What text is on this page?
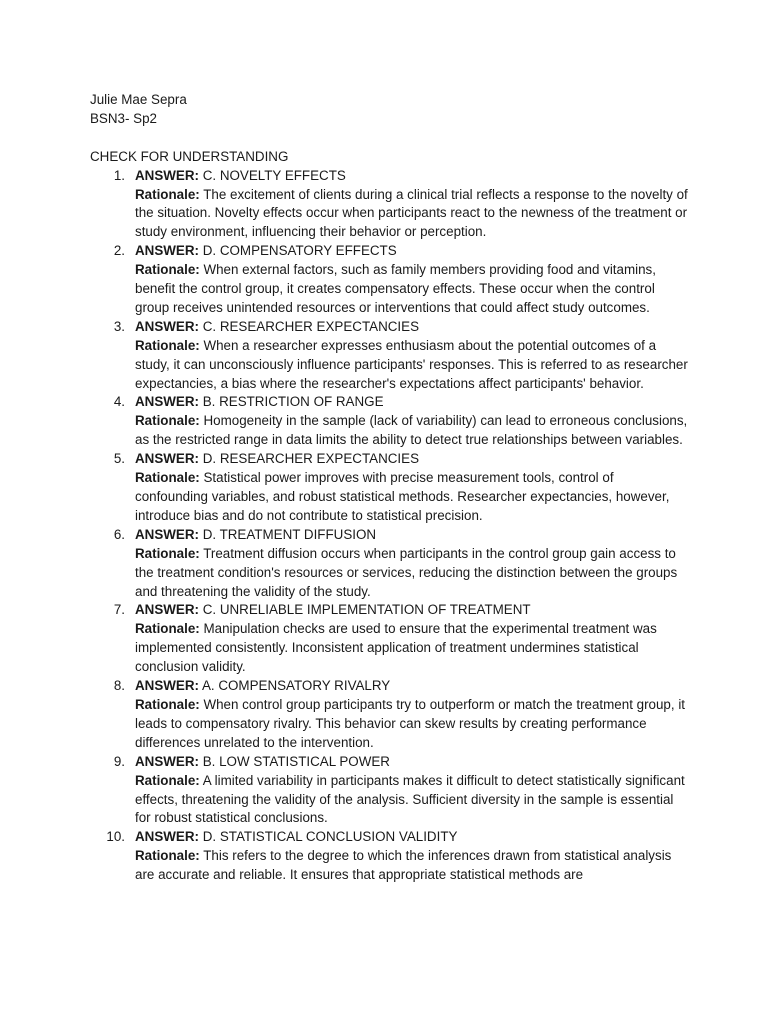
Julie Mae Sepra
BSN3- Sp2
CHECK FOR UNDERSTANDING
1. ANSWER: C. NOVELTY EFFECTS
Rationale: The excitement of clients during a clinical trial reflects a response to the novelty of the situation. Novelty effects occur when participants react to the newness of the treatment or study environment, influencing their behavior or perception.
2. ANSWER: D. COMPENSATORY EFFECTS
Rationale: When external factors, such as family members providing food and vitamins, benefit the control group, it creates compensatory effects. These occur when the control group receives unintended resources or interventions that could affect study outcomes.
3. ANSWER: C. RESEARCHER EXPECTANCIES
Rationale: When a researcher expresses enthusiasm about the potential outcomes of a study, it can unconsciously influence participants' responses. This is referred to as researcher expectancies, a bias where the researcher's expectations affect participants' behavior.
4. ANSWER: B. RESTRICTION OF RANGE
Rationale: Homogeneity in the sample (lack of variability) can lead to erroneous conclusions, as the restricted range in data limits the ability to detect true relationships between variables.
5. ANSWER: D. RESEARCHER EXPECTANCIES
Rationale: Statistical power improves with precise measurement tools, control of confounding variables, and robust statistical methods. Researcher expectancies, however, introduce bias and do not contribute to statistical precision.
6. ANSWER: D. TREATMENT DIFFUSION
Rationale: Treatment diffusion occurs when participants in the control group gain access to the treatment condition's resources or services, reducing the distinction between the groups and threatening the validity of the study.
7. ANSWER: C. UNRELIABLE IMPLEMENTATION OF TREATMENT
Rationale: Manipulation checks are used to ensure that the experimental treatment was implemented consistently. Inconsistent application of treatment undermines statistical conclusion validity.
8. ANSWER: A. COMPENSATORY RIVALRY
Rationale: When control group participants try to outperform or match the treatment group, it leads to compensatory rivalry. This behavior can skew results by creating performance differences unrelated to the intervention.
9. ANSWER: B. LOW STATISTICAL POWER
Rationale: A limited variability in participants makes it difficult to detect statistically significant effects, threatening the validity of the analysis. Sufficient diversity in the sample is essential for robust statistical conclusions.
10. ANSWER: D. STATISTICAL CONCLUSION VALIDITY
Rationale: This refers to the degree to which the inferences drawn from statistical analysis are accurate and reliable. It ensures that appropriate statistical methods are
